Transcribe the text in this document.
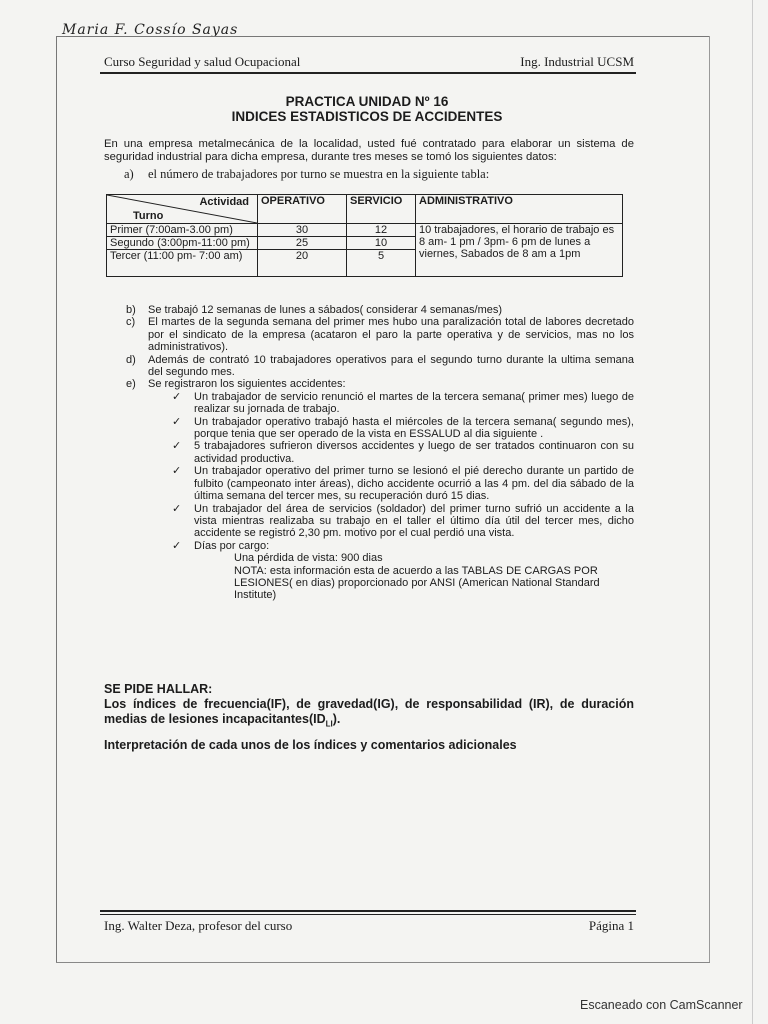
Maria F. Cossío Sayas
Curso Seguridad y salud Ocupacional	Ing. Industrial UCSM
PRACTICA UNIDAD Nº 16
INDICES ESTADISTICOS DE ACCIDENTES
En una empresa metalmecánica de la localidad, usted fué contratado para elaborar un sistema de seguridad industrial para dicha empresa, durante tres meses se tomó los siguientes datos:
a) el número de trabajadores por turno se muestra en la siguiente tabla:
Actividad
Turno	OPERATIVO	SERVICIO	ADMINISTRATIVO
Primer (7:00am-3.00 pm)	30	12	10 trabajadores, el horario de trabajo es 8 am- 1 pm / 3pm- 6 pm de lunes a viernes, Sabados de 8 am a 1pm
Segundo (3:00pm-11:00 pm)	25	10	
Tercer (11:00 pm- 7:00 am)	20	5	
b)	Se trabajó 12 semanas de lunes a sábados( considerar 4 semanas/mes)
c)	El martes de la segunda semana del primer mes hubo una paralización total de labores decretado por el sindicato de la empresa (acataron el paro la parte operativa y de servicios, mas no los administrativos).
d)	Además de contrató 10 trabajadores operativos para el segundo turno durante la ultima semana del segundo mes.
e)	Se registraron los siguientes accidentes:
✓	Un trabajador de servicio renunció el martes de la tercera semana( primer mes) luego de realizar su jornada de trabajo.
✓	Un trabajador operativo trabajó hasta el miércoles de la tercera semana( segundo mes), porque tenia que ser operado de la vista en ESSALUD al dia siguiente .
✓	5 trabajadores sufrieron diversos accidentes y luego de ser tratados continuaron con su actividad productiva.
✓	Un trabajador operativo del primer turno se lesionó el pié derecho durante un partido de fulbito (campeonato inter áreas), dicho accidente ocurrió a las 4 pm. del dia sábado de la última semana del tercer mes, su recuperación duró 15 dias.
✓	Un trabajador del área de servicios (soldador) del primer turno sufrió un accidente a la vista mientras realizaba su trabajo en el taller el último día útil del tercer mes, dicho accidente se registró 2,30 pm. motivo por el cual perdió una vista.
✓	Días por cargo:
Una pérdida de vista: 900 dias
NOTA: esta información esta de acuerdo a las TABLAS DE CARGAS POR LESIONES( en dias) proporcionado por ANSI (American National Standard Institute)
SE PIDE HALLAR:
Los índices de frecuencia(IF), de gravedad(IG), de responsabilidad (IR), de duración medias de lesiones $incapacitantes(ID_{LI})$.
Interpretación de cada unos de los índices y comentarios adicionales
Ing. Walter Deza, profesor del curso	Página 1
Escaneado con CamScanner
